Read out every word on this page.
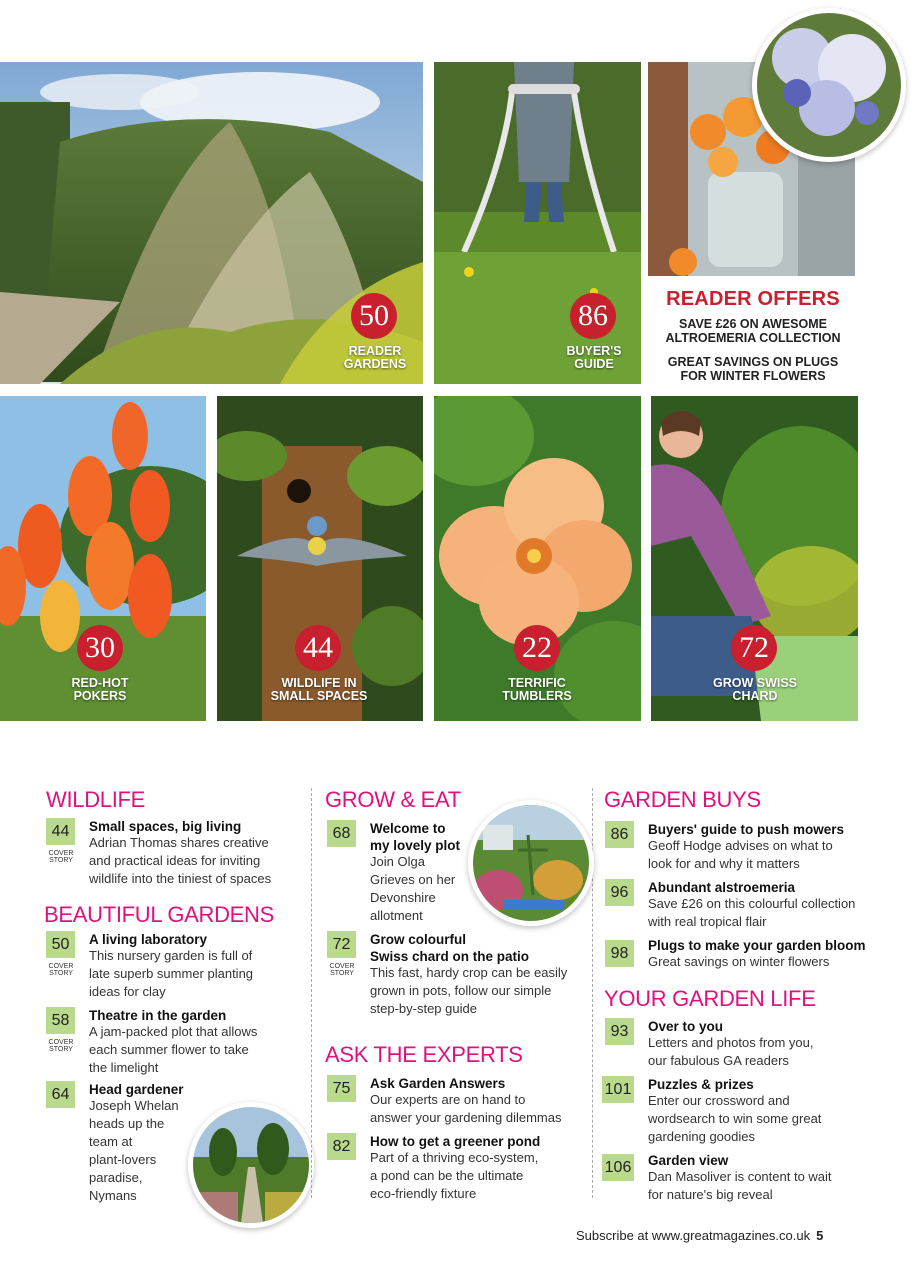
50
READER
GARDENS
86
BUYER'S
GUIDE
READER OFFERS

SAVE £26 ON AWESOME
ALTROEMERIA COLLECTION

GREAT SAVINGS ON PLUGS
FOR WINTER FLOWERS

30
RED-HOT
POKERS
44
WILDLIFE IN
SMALL SPACES
22
TERRIFIC
TUMBLERS
72
GROW SWISS
CHARD
WILDLIFE
44
COVER
STORY
Small spaces, big living
Adrian Thomas shares creative
and practical ideas for inviting
wildlife into the tiniest of spaces
BEAUTIFUL GARDENS
50
COVER
STORY
A living laboratory
This nursery garden is full of
late superb summer planting
ideas for clay
58
COVER
STORY
Theatre in the garden
A jam-packed plot that allows
each summer flower to take
the limelight
64	Head gardener
Joseph Whelan
heads up the
team at
plant-lovers
paradise,
Nymans
GROW & EAT
68	Welcome to
my lovely plot
Join Olga
Grieves on her
Devonshire
allotment
72
COVER
STORY
Grow colourful
Swiss chard on the patio
This fast, hardy crop can be easily
grown in pots, follow our simple
step-by-step guide
ASK THE EXPERTS
75	Ask Garden Answers
Our experts are on hand to
answer your gardening dilemmas
82	How to get a greener pond
Part of a thriving eco-system,
a pond can be the ultimate
eco-friendly fixture
GARDEN BUYS
86	Buyers' guide to push mowers
Geoff Hodge advises on what to
look for and why it matters
96	Abundant alstroemeria
Save £26 on this colourful collection
with real tropical flair
98	Plugs to make your garden bloom
Great savings on winter flowers
YOUR GARDEN LIFE
93	Over to you
Letters and photos from you,
our fabulous GA readers
101 Puzzles & prizes
Enter our crossword and
wordsearch to win some great
gardening goodies
106 Garden view
Dan Masoliver is content to wait
for nature's big reveal
Subscribe at www.greatmagazines.co.uk 5
